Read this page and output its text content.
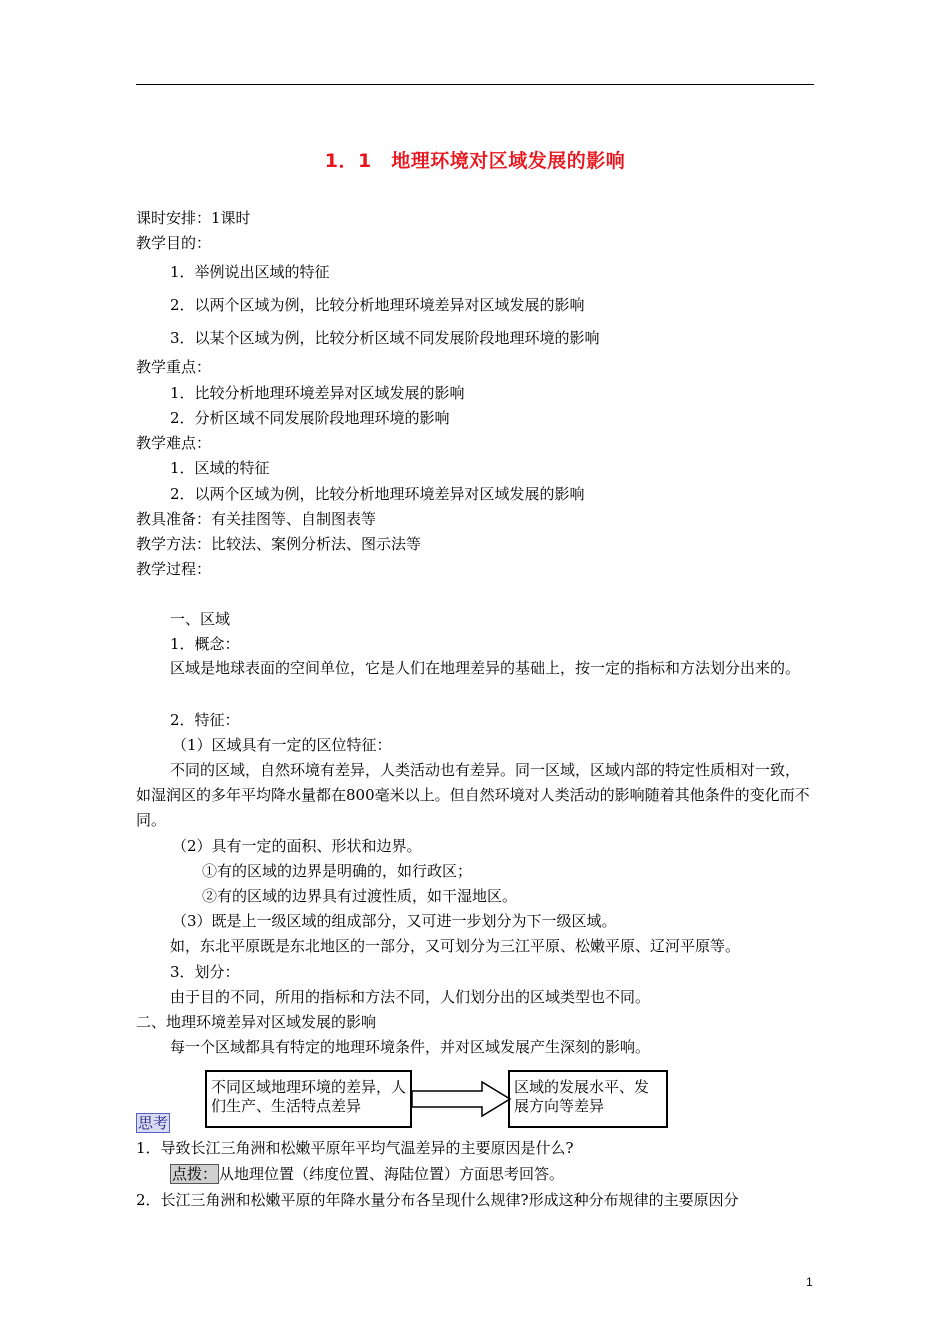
1．1　地理环境对区域发展的影响
课时安排：1课时
教学目的：
1．举例说出区域的特征
2．以两个区域为例，比较分析地理环境差异对区域发展的影响
3．以某个区域为例，比较分析区域不同发展阶段地理环境的影响
教学重点：
1．比较分析地理环境差异对区域发展的影响
2．分析区域不同发展阶段地理环境的影响
教学难点：
1．区域的特征
2．以两个区域为例，比较分析地理环境差异对区域发展的影响
教具准备：有关挂图等、自制图表等
教学方法：比较法、案例分析法、图示法等
教学过程：
一、区域
1．概念：
区域是地球表面的空间单位，它是人们在地理差异的基础上，按一定的指标和方法划分出来的。
2．特征：
（1）区域具有一定的区位特征：
不同的区域，自然环境有差异，人类活动也有差异。同一区域，区域内部的特定性质相对一致，如湿润区的多年平均降水量都在800毫米以上。但自然环境对人类活动的影响随着其他条件的变化而不同。
（2）具有一定的面积、形状和边界。
①有的区域的边界是明确的，如行政区；
②有的区域的边界具有过渡性质，如干湿地区。
（3）既是上一级区域的组成部分，又可进一步划分为下一级区域。
如，东北平原既是东北地区的一部分，又可划分为三江平原、松嫩平原、辽河平原等。
3．划分：
由于目的不同，所用的指标和方法不同，人们划分出的区域类型也不同。
二、地理环境差异对区域发展的影响
每一个区域都具有特定的地理环境条件，并对区域发展产生深刻的影响。
不同区域地理环境的差异，人们生产、生活特点差异
区域的发展水平、发展方向等差异
思考
1．导致长江三角洲和松嫩平原年平均气温差异的主要原因是什么?
点拨： 从地理位置（纬度位置、海陆位置）方面思考回答。
2．长江三角洲和松嫩平原的年降水量分布各呈现什么规律?形成这种分布规律的主要原因分
1
